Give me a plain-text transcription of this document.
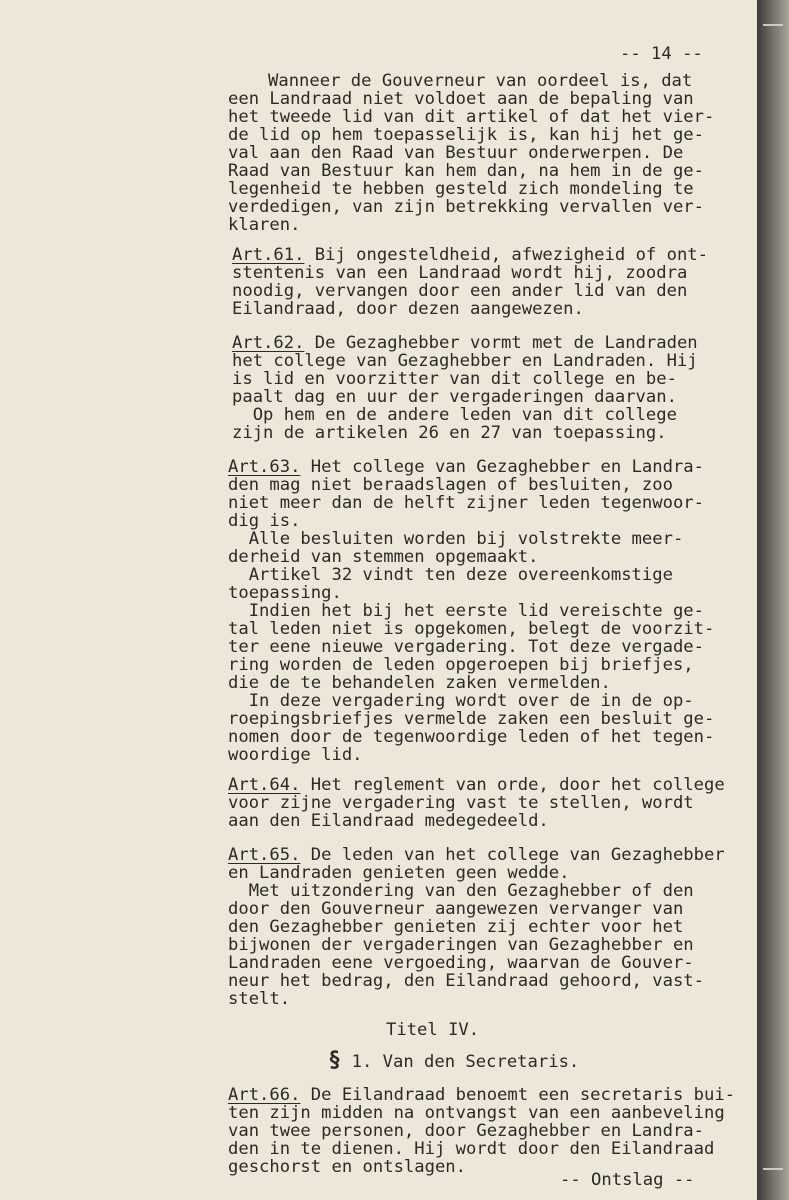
-- 14 --
Wanneer de Gouverneur van oordeel is, dat
een Landraad niet voldoet aan de bepaling van
het tweede lid van dit artikel of dat het vier-
de lid op hem toepasselijk is, kan hij het ge-
val aan den Raad van Bestuur onderwerpen. De
Raad van Bestuur kan hem dan, na hem in de ge-
legenheid te hebben gesteld zich mondeling te
verdedigen, van zijn betrekking vervallen ver-
klaren.
Art.61. Bij ongesteldheid, afwezigheid of ont-
stentenis van een Landraad wordt hij, zoodra
noodig, vervangen door een ander lid van den
Eilandraad, door dezen aangewezen.
Art.62. De Gezaghebber vormt met de Landraden
het college van Gezaghebber en Landraden. Hij
is lid en voorzitter van dit college en be-
paalt dag en uur der vergaderingen daarvan.
Op hem en de andere leden van dit college
zijn de artikelen 26 en 27 van toepassing.
Art.63. Het college van Gezaghebber en Landra-
den mag niet beraadslagen of besluiten, zoo
niet meer dan de helft zijner leden tegenwoor-
dig is.
Alle besluiten worden bij volstrekte meer-
derheid van stemmen opgemaakt.
Artikel 32 vindt ten deze overeenkomstige
toepassing.
Indien het bij het eerste lid vereischte ge-
tal leden niet is opgekomen, belegt de voorzit-
ter eene nieuwe vergadering. Tot deze vergade-
ring worden de leden opgeroepen bij briefjes,
die de te behandelen zaken vermelden.
In deze vergadering wordt over de in de op-
roepingsbriefjes vermelde zaken een besluit ge-
nomen door de tegenwoordige leden of het tegen-
woordige lid.
Art.64. Het reglement van orde, door het college
voor zijne vergadering vast te stellen, wordt
aan den Eilandraad medegedeeld.
Art.65. De leden van het college van Gezaghebber
en Landraden genieten geen wedde.
Met uitzondering van den Gezaghebber of den
door den Gouverneur aangewezen vervanger van
den Gezaghebber genieten zij echter voor het
bijwonen der vergaderingen van Gezaghebber en
Landraden eene vergoeding, waarvan de Gouver-
neur het bedrag, den Eilandraad gehoord, vast-
stelt.
Art.66. De Eilandraad benoemt een secretaris bui-
ten zijn midden na ontvangst van een aanbeveling
van twee personen, door Gezaghebber en Landra-
den in te dienen. Hij wordt door den Eilandraad
geschorst en ontslagen.
Titel IV.
§ 1. Van den Secretaris.
-- Ontslag --
